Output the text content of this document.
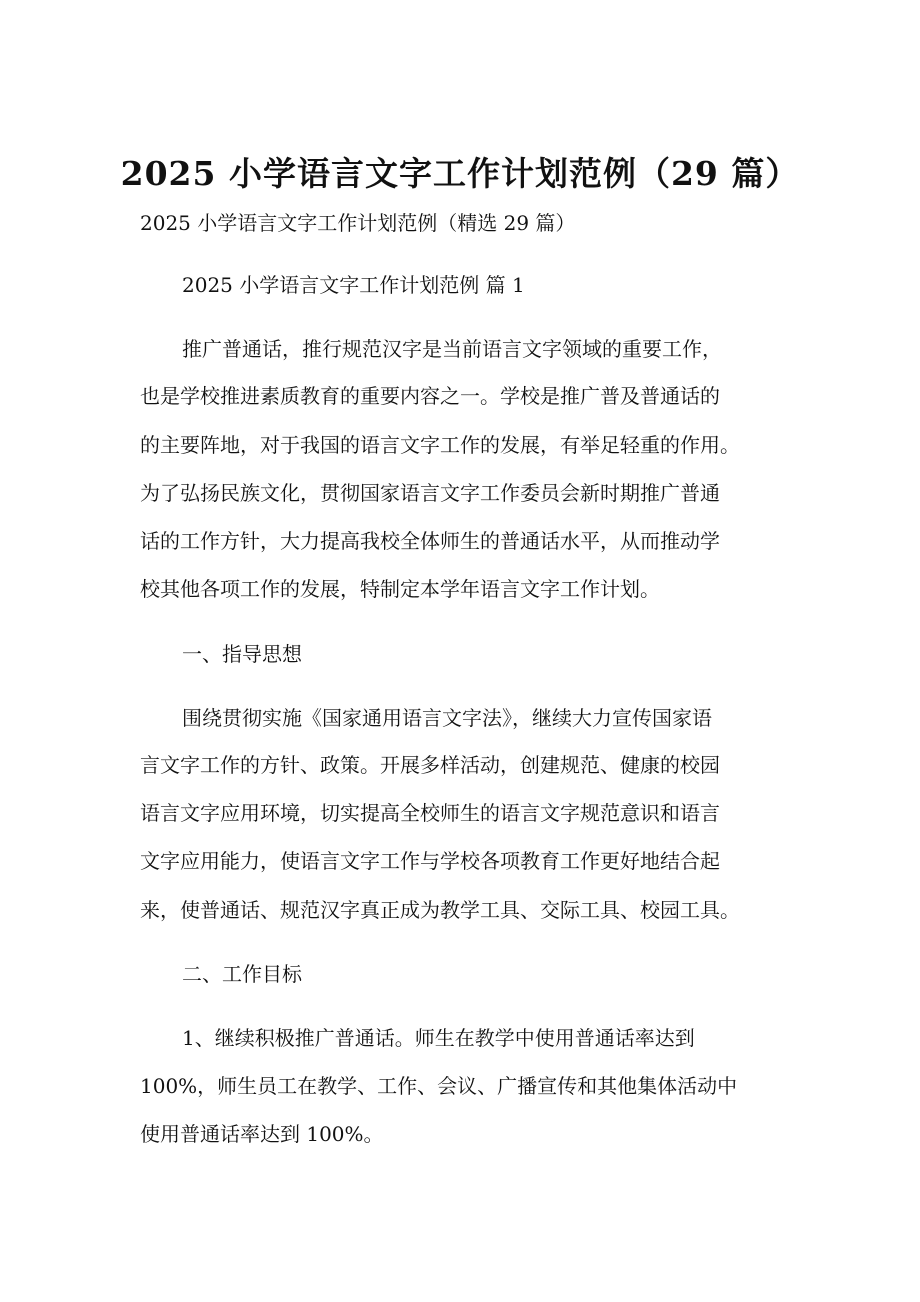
2025 小学语言文字工作计划范例（29 篇）

2025 小学语言文字工作计划范例（精选 29 篇）

2025 小学语言文字工作计划范例 篇 1

推广普通话，推行规范汉字是当前语言文字领域的重要工作，

也是学校推进素质教育的重要内容之一。学校是推广普及普通话的

的主要阵地，对于我国的语言文字工作的发展，有举足轻重的作用。

为了弘扬民族文化，贯彻国家语言文字工作委员会新时期推广普通

话的工作方针，大力提高我校全体师生的普通话水平，从而推动学

校其他各项工作的发展，特制定本学年语言文字工作计划。

一、指导思想

围绕贯彻实施《国家通用语言文字法》，继续大力宣传国家语

言文字工作的方针、政策。开展多样活动，创建规范、健康的校园

语言文字应用环境，切实提高全校师生的语言文字规范意识和语言

文字应用能力，使语言文字工作与学校各项教育工作更好地结合起

来，使普通话、规范汉字真正成为教学工具、交际工具、校园工具。

二、工作目标

1、继续积极推广普通话。师生在教学中使用普通话率达到

100%，师生员工在教学、工作、会议、广播宣传和其他集体活动中

使用普通话率达到 100%。
